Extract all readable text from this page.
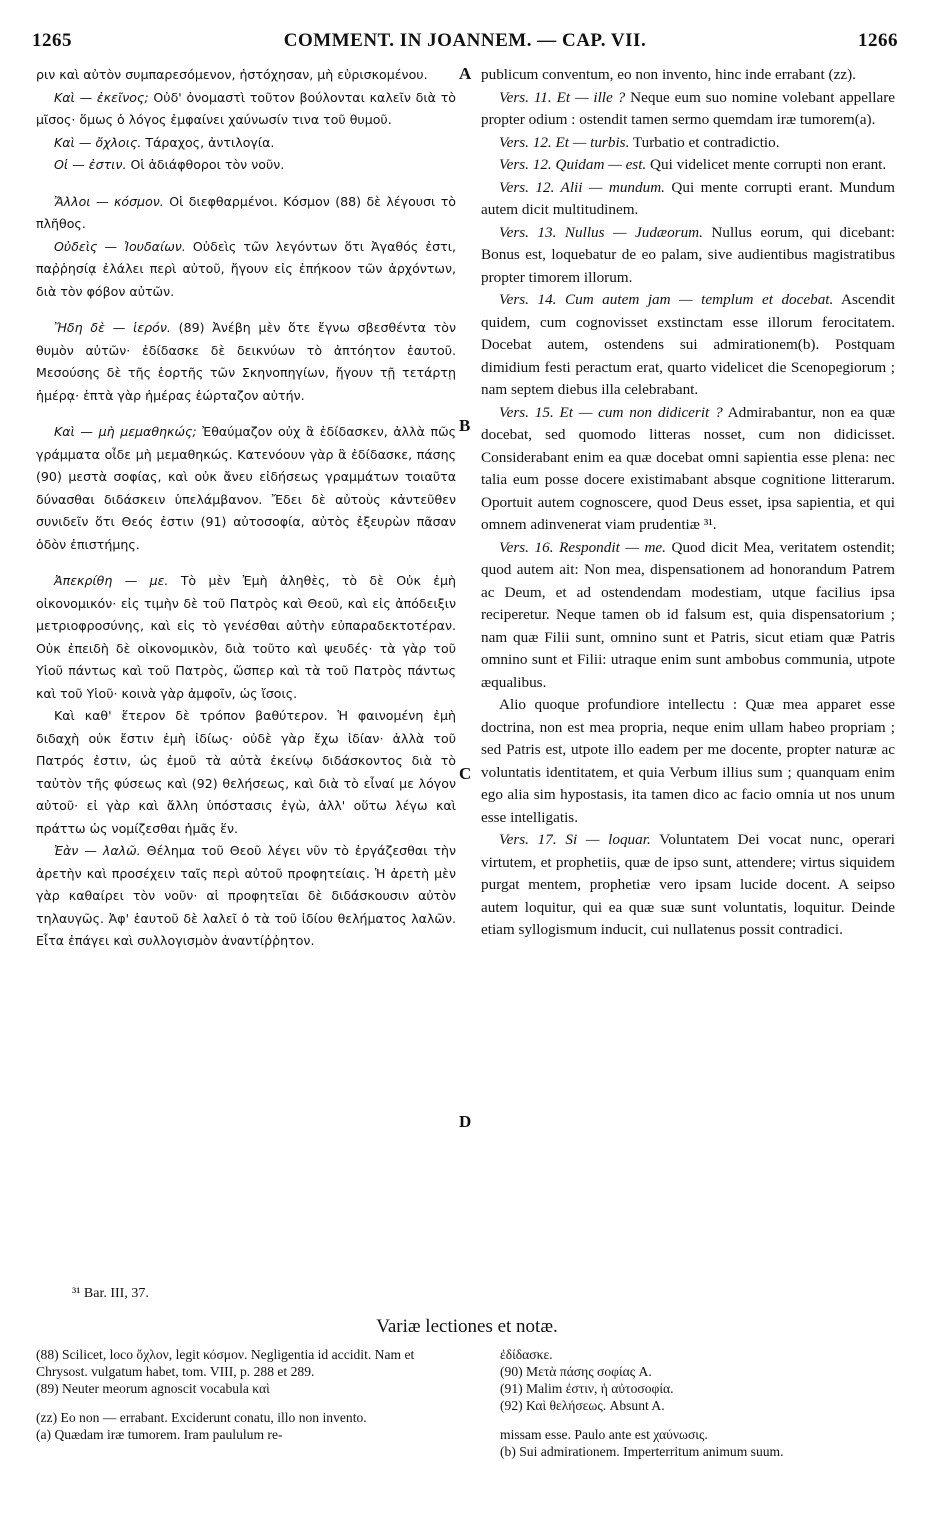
1265	COMMENT. IN JOANNEM. — CAP. VII.	1266

ριν καὶ αὐτὸν συμπαρεσόμενον, ἠστόχησαν, μὴ εὑρισκομένου.

Καὶ — ἐκεῖνος; Οὐδ' ὀνομαστὶ τοῦτον βούλονται καλεῖν διὰ τὸ μῖσος· ὅμως ὁ λόγος ἐμφαίνει χαύνωσίν τινα τοῦ θυμοῦ.

Καὶ — ὄχλοις. Τάραχος, ἀντιλογία.

Οἱ — ἐστιν. Οἱ ἀδιάφθοροι τὸν νοῦν.

Ἄλλοι — κόσμον. Οἱ διεφθαρμένοι. Κόσμον (88) δὲ λέγουσι τὸ πλῆθος.

Οὐδεὶς — Ἰουδαίων. Οὐδεὶς τῶν λεγόντων ὅτι Ἀγαθός ἐστι, παῤῥησίᾳ ἐλάλει περὶ αὐτοῦ, ἤγουν εἰς ἐπήκοον τῶν ἀρχόντων, διὰ τὸν φόβον αὐτῶν.

Ἤδη δὲ — ἱερόν. (89) Ἀνέβη μὲν ὅτε ἔγνω σβεσθέντα τὸν θυμὸν αὐτῶν· ἐδίδασκε δὲ δεικνύων τὸ ἀπτόητον ἑαυτοῦ. Μεσούσης δὲ τῆς ἑορτῆς τῶν Σκηνοπηγίων, ἤγουν τῇ τετάρτῃ ἡμέρᾳ· ἑπτὰ γὰρ ἡμέρας ἑώρταζον αὐτήν.

Καὶ — μὴ μεμαθηκώς; Ἐθαύμαζον οὐχ ἃ ἐδίδασκεν, ἀλλὰ πῶς γράμματα οἶδε μὴ μεμαθηκώς. Κατενόουν γὰρ ἃ ἐδίδασκε, πάσης (90) μεστὰ σοφίας, καὶ οὐκ ἄνευ εἰδήσεως γραμμάτων τοιαῦτα δύνασθαι διδάσκειν ὑπελάμβανον. Ἔδει δὲ αὐτοὺς κἀντεῦθεν συνιδεῖν ὅτι Θεός ἐστιν (91) αὐτοσοφία, αὐτὸς ἐξευρὼν πᾶσαν ὁδὸν ἐπιστήμης.

Ἀπεκρίθη — με. Τὸ μὲν Ἐμὴ ἀληθὲς, τὸ δὲ Οὐκ ἐμὴ οἰκονομικόν· εἰς τιμὴν δὲ τοῦ Πατρὸς καὶ Θεοῦ, καὶ εἰς ἀπόδειξιν μετριοφροσύνης, καὶ εἰς τὸ γενέσθαι αὐτὴν εὐπαραδεκτοτέραν. Οὐκ ἐπειδὴ δὲ οἰκονομικὸν, διὰ τοῦτο καὶ ψευδές· τὰ γὰρ τοῦ Υἱοῦ πάντως καὶ τοῦ Πατρὸς, ὥσπερ καὶ τὰ τοῦ Πατρὸς πάντως καὶ τοῦ Υἱοῦ· κοινὰ γὰρ ἀμφοῖν, ὡς ἴσοις.

Καὶ καθ' ἕτερον δὲ τρόπον βαθύτερον. Ἡ φαινομένη ἐμὴ διδαχὴ οὐκ ἔστιν ἐμὴ ἰδίως· οὐδὲ γὰρ ἔχω ἰδίαν· ἀλλὰ τοῦ Πατρός ἐστιν, ὡς ἐμοῦ τὰ αὐτὰ ἐκείνῳ διδάσκοντος διὰ τὸ ταὐτὸν τῆς φύσεως καὶ (92) θελήσεως, καὶ διὰ τὸ εἶναί με λόγον αὐτοῦ· εἰ γὰρ καὶ ἄλλη ὑπόστασις ἐγὼ, ἀλλ' οὕτω λέγω καὶ πράττω ὡς νομίζεσθαι ἡμᾶς ἕν.

Ἐὰν — λαλῶ. Θέλημα τοῦ Θεοῦ λέγει νῦν τὸ ἐργάζεσθαι τὴν ἀρετὴν καὶ προσέχειν ταῖς περὶ αὐτοῦ προφητείαις. Ἡ ἀρετὴ μὲν γὰρ καθαίρει τὸν νοῦν· αἱ προφητεῖαι δὲ διδάσκουσιν αὐτὸν τηλαυγῶς. Ἀφ' ἑαυτοῦ δὲ λαλεῖ ὁ τὰ τοῦ ἰδίου θελήματος λαλῶν. Εἶτα ἐπάγει καὶ συλλογισμὸν ἀναντίῤῥητον.

A
B
C
D

publicum conventum, eo non invento, hinc inde errabant (zz).

Vers. 11. Et — ille ? Neque eum suo nomine volebant appellare propter odium : ostendit tamen sermo quemdam iræ tumorem(a).

Vers. 12. Et — turbis. Turbatio et contradictio.

Vers. 12. Quidam — est. Qui videlicet mente corrupti non erant.

Vers. 12. Alii — mundum. Qui mente corrupti erant. Mundum autem dicit multitudinem.

Vers. 13. Nullus — Judæorum. Nullus eorum, qui dicebant: Bonus est, loquebatur de eo palam, sive audientibus magistratibus propter timorem illorum.

Vers. 14. Cum autem jam — templum et docebat. Ascendit quidem, cum cognovisset exstinctam esse illorum ferocitatem. Docebat autem, ostendens sui admirationem(b). Postquam dimidium festi peractum erat, quarto videlicet die Scenopegiorum ; nam septem diebus illa celebrabant.

Vers. 15. Et — cum non didicerit ? Admirabantur, non ea quæ docebat, sed quomodo litteras nosset, cum non didicisset. Considerabant enim ea quæ docebat omni sapientia esse plena: nec talia eum posse docere existimabant absque cognitione litterarum. Oportuit autem cognoscere, quod Deus esset, ipsa sapientia, et qui omnem adinvenerat viam prudentiæ ³¹.

Vers. 16. Respondit — me. Quod dicit Mea, veritatem ostendit; quod autem ait: Non mea, dispensationem ad honorandum Patrem ac Deum, et ad ostendendam modestiam, utque facilius ipsa reciperetur. Neque tamen ob id falsum est, quia dispensatorium ; nam quæ Filii sunt, omnino sunt et Patris, sicut etiam quæ Patris omnino sunt et Filii: utraque enim sunt ambobus communia, utpote æqualibus.

Alio quoque profundiore intellectu : Quæ mea apparet esse doctrina, non est mea propria, neque enim ullam habeo propriam ; sed Patris est, utpote illo eadem per me docente, propter naturæ ac voluntatis identitatem, et quia Verbum illius sum ; quanquam enim ego alia sim hypostasis, ita tamen dico ac facio omnia ut nos unum esse intelligatis.

Vers. 17. Si — loquar. Voluntatem Dei vocat nunc, operari virtutem, et prophetiis, quæ de ipso sunt, attendere; virtus siquidem purgat mentem, prophetiæ vero ipsam lucide docent. A seipso autem loquitur, qui ea quæ suæ sunt voluntatis, loquitur. Deinde etiam syllogismum inducit, cui nullatenus possit contradici.

³¹ Bar. III, 37.
Variæ lectiones et notæ.

(88) Scilicet, loco ὄχλον, legit κόσμον. Negligentia id accidit. Nam et Chrysost. vulgatum habet, tom. VIII, p. 288 et 289.

(89) Neuter meorum agnoscit vocabula καὶ

(zz) Eo non — errabant. Exciderunt conatu, illo non invento.

(a) Quædam iræ tumorem. Iram paululum re-

ἐδίδασκε.

(90) Μετὰ πάσης σοφίας A.

(91) Malim ἐστιν, ἡ αὐτοσοφία.

(92) Καὶ θελήσεως. Absunt A.

missam esse. Paulo ante est χαύνωσις.

(b) Sui admirationem. Imperterritum animum suum.
